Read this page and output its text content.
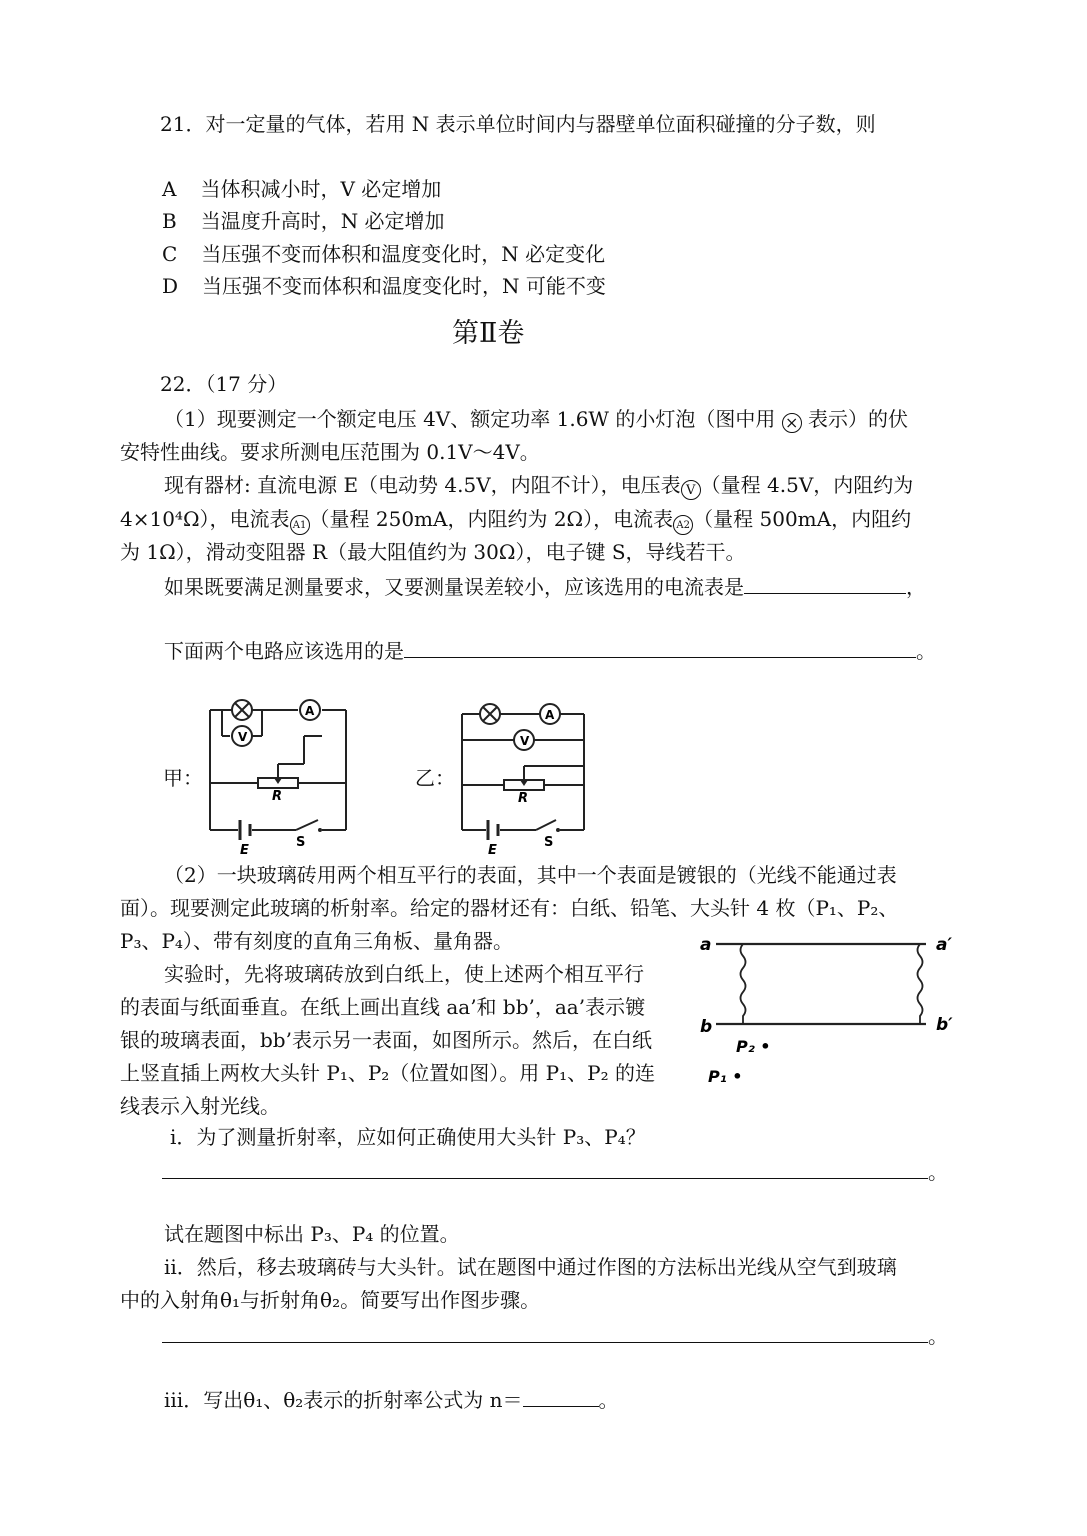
21．对一定量的气体，若用 N 表示单位时间内与器壁单位面积碰撞的分子数，则
A 当体积减小时，V 必定增加
B 当温度升高时，N 必定增加
C 当压强不变而体积和温度变化时，N 必定变化
D 当压强不变而体积和温度变化时，N 可能不变
第Ⅱ卷
22．（17 分）
（1）现要测定一个额定电压 4V、额定功率 1.6W 的小灯泡（图中用 × 表示）的伏
安特性曲线。要求所测电压范围为 0.1V～4V。
现有器材: 直流电源 E（电动势 4.5V，内阻不计），电压表 V （量程 4.5V，内阻约为
4×10⁴Ω），电流表 A1 （量程 250mA，内阻约为 2Ω），电流表 A2 （量程 500mA，内阻约
为 1Ω），滑动变阻器 R（最大阻值约为 30Ω），电子键 S，导线若干。
如果既要满足测量要求，又要测量误差较小，应该选用的电流表是	，
下面两个电路应该选用的是	。
甲：
A
V
R
E
S
乙：
A
V
R
E
S
（2）一块玻璃砖用两个相互平行的表面，其中一个表面是镀银的（光线不能通过表
面）。现要测定此玻璃的析射率。给定的器材还有：白纸、铅笔、大头针 4 枚（P₁、P₂、
P₃、P₄）、带有刻度的直角三角板、量角器。
实验时，先将玻璃砖放到白纸上，使上述两个相互平行
的表面与纸面垂直。在纸上画出直线 aa’和 bb’，aa’表示镀
银的玻璃表面，bb’表示另一表面，如图所示。然后，在白纸
上竖直插上两枚大头针 P₁、P₂（位置如图）。用 P₁、P₂ 的连
线表示入射光线。
a	a′
b	b′
P₂ •
P₁ •
ⅰ．为了测量折射率，应如何正确使用大头针 P₃、P₄？
。
试在题图中标出 P₃、P₄ 的位置。
ⅱ．然后，移去玻璃砖与大头针。试在题图中通过作图的方法标出光线从空气到玻璃
中的入射角θ₁与折射角θ₂。简要写出作图步骤。
。
ⅲ．写出θ₁、θ₂表示的折射率公式为 n＝	。
